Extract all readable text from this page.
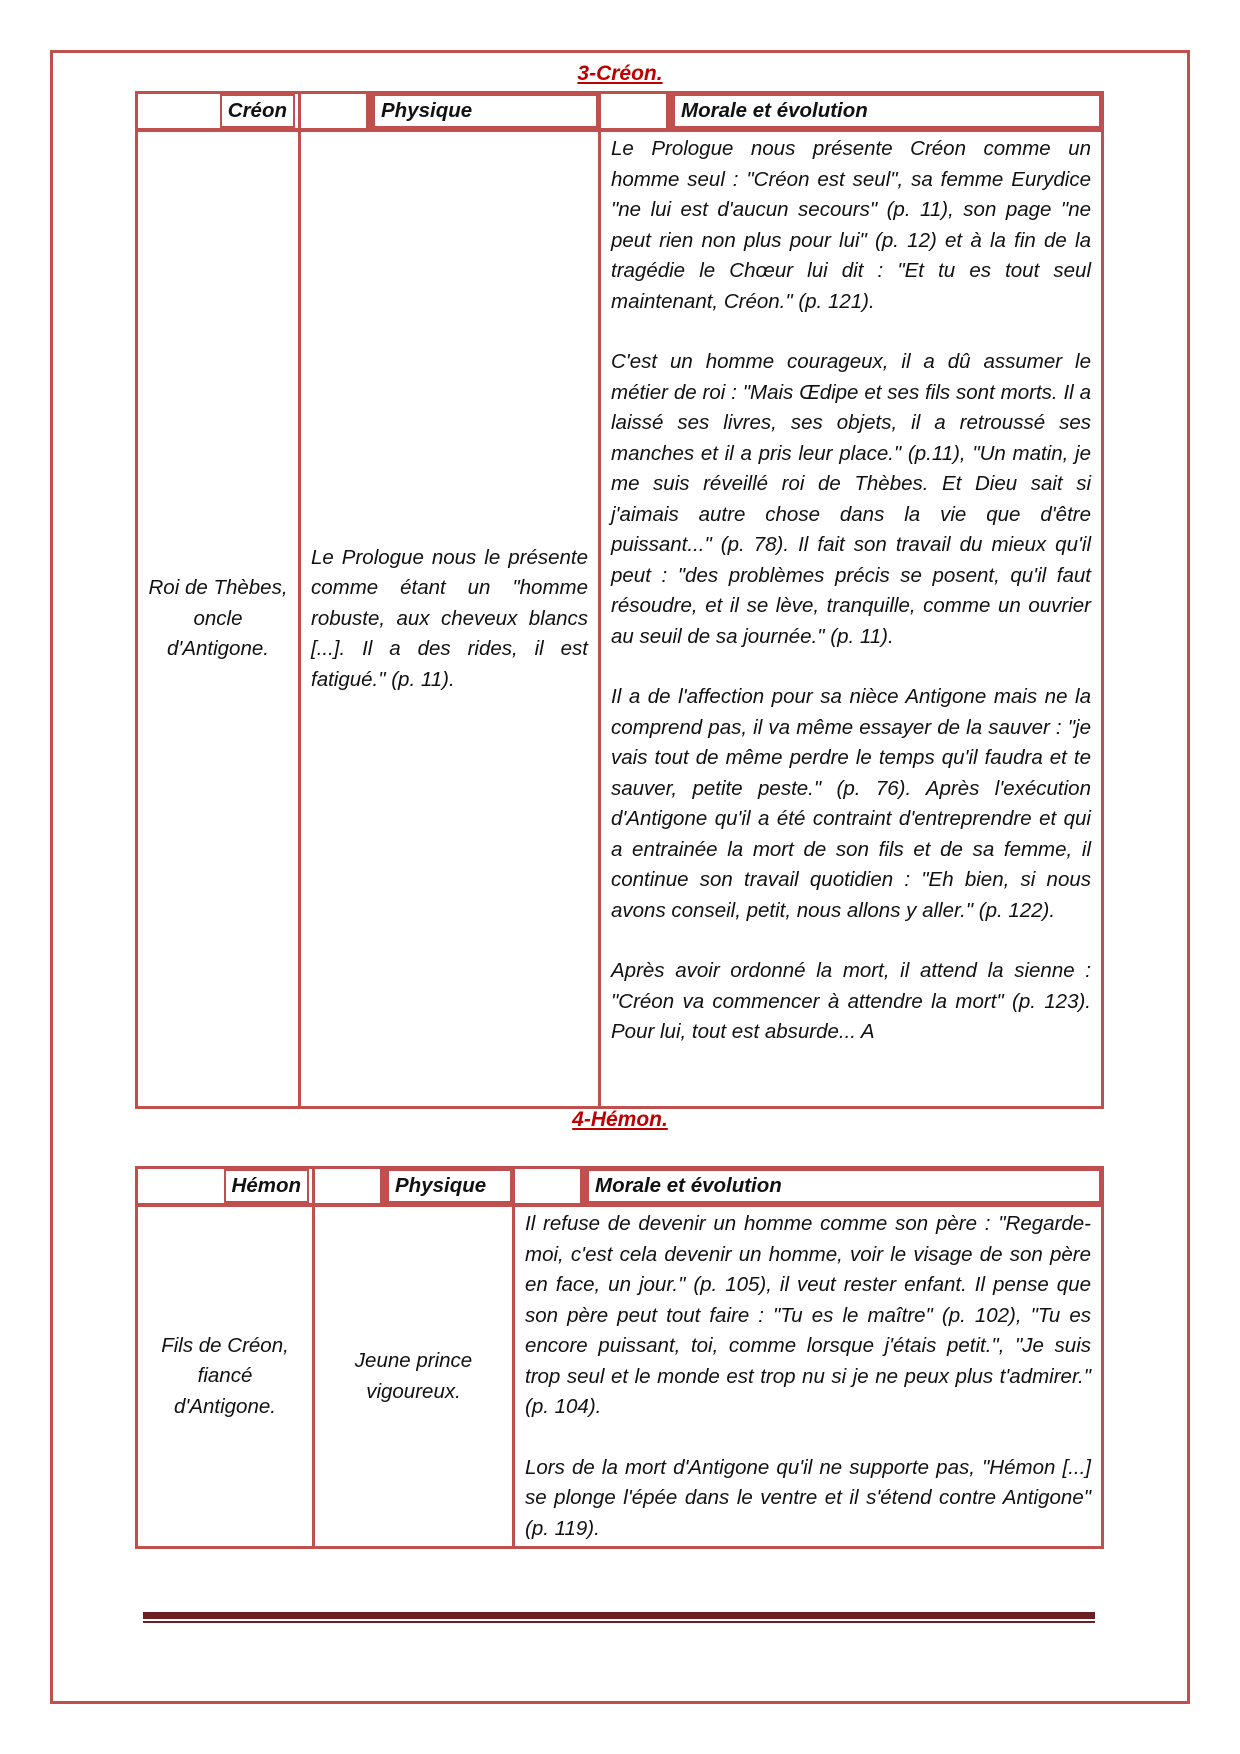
3-Créon.
Créon	Physique	Morale et évolution

Roi de Thèbes, oncle d'Antigone.	Le Prologue nous le présente comme étant un "homme robuste, aux cheveux blancs [...]. Il a des rides, il est fatigué." (p. 11).	Le Prologue nous présente Créon comme un homme seul : "Créon est seul", sa femme Eurydice "ne lui est d'aucun secours" (p. 11), son page "ne peut rien non plus pour lui" (p. 12) et à la fin de la tragédie le Chœur lui dit : "Et tu es tout seul maintenant, Créon." (p. 121).

C'est un homme courageux, il a dû assumer le métier de roi : "Mais Œdipe et ses fils sont morts. Il a laissé ses livres, ses objets, il a retroussé ses manches et il a pris leur place." (p.11), "Un matin, je me suis réveillé roi de Thèbes. Et Dieu sait si j'aimais autre chose dans la vie que d'être puissant..." (p. 78). Il fait son travail du mieux qu'il peut : "des problèmes précis se posent, qu'il faut résoudre, et il se lève, tranquille, comme un ouvrier au seuil de sa journée." (p. 11).

Il a de l'affection pour sa nièce Antigone mais ne la comprend pas, il va même essayer de la sauver : "je vais tout de même perdre le temps qu'il faudra et te sauver, petite peste." (p. 76). Après l'exécution d'Antigone qu'il a été contraint d'entreprendre et qui a entrainée la mort de son fils et de sa femme, il continue son travail quotidien : "Eh bien, si nous avons conseil, petit, nous allons y aller." (p. 122).

Après avoir ordonné la mort, il attend la sienne : "Créon va commencer à attendre la mort" (p. 123). Pour lui, tout est absurde... A

4-Hémon.
Hémon	Physique	Morale et évolution

Fils de Créon, fiancé d'Antigone.	Jeune prince vigoureux.	Il refuse de devenir un homme comme son père : "Regarde-moi, c'est cela devenir un homme, voir le visage de son père en face, un jour." (p. 105), il veut rester enfant. Il pense que son père peut tout faire : "Tu es le maître" (p. 102), "Tu es encore puissant, toi, comme lorsque j'étais petit.", "Je suis trop seul et le monde est trop nu si je ne peux plus t'admirer." (p. 104).

Lors de la mort d'Antigone qu'il ne supporte pas, "Hémon [...] se plonge l'épée dans le ventre et il s'étend contre Antigone" (p. 119).
